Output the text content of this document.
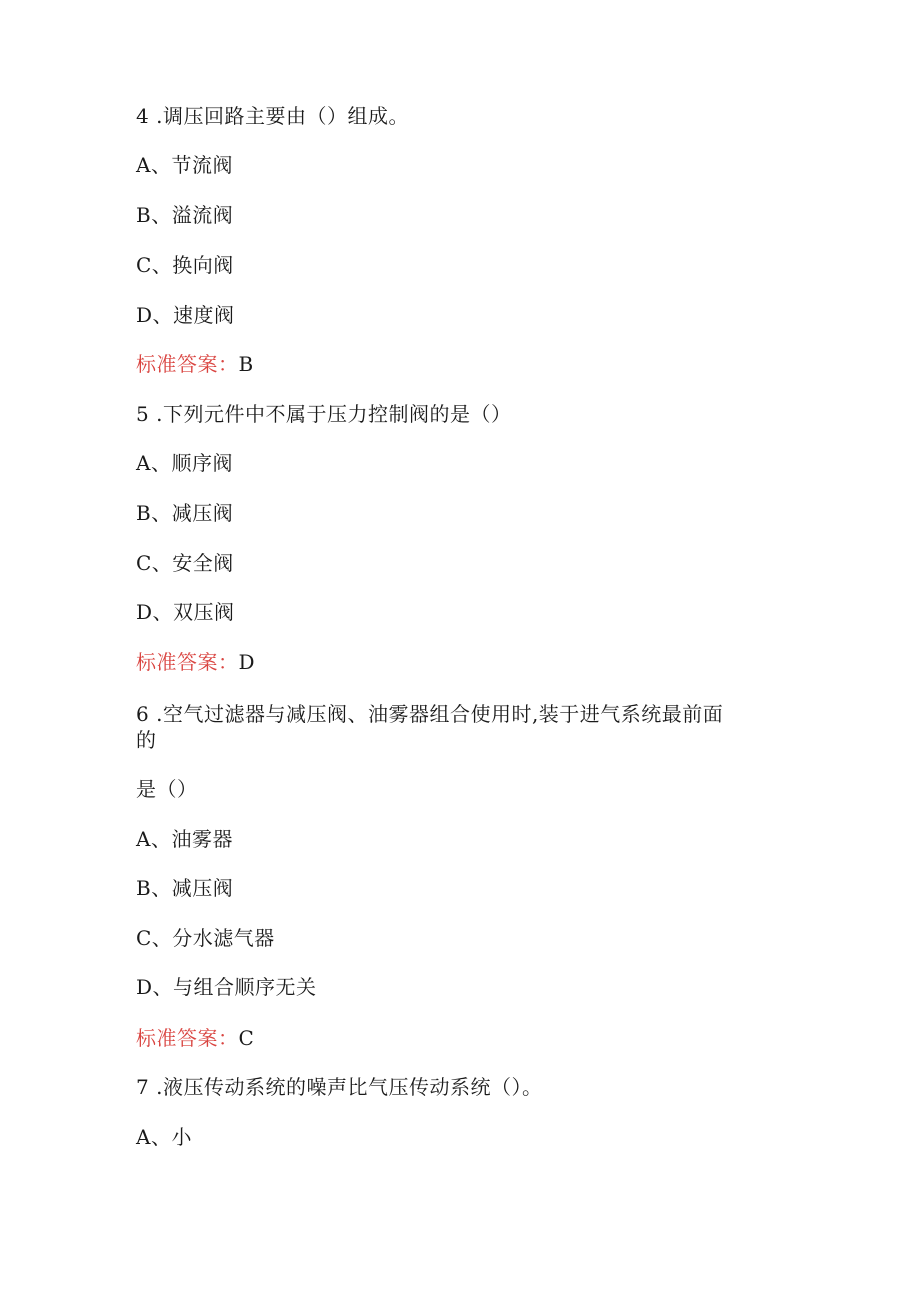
4 .调压回路主要由（）组成。
A、节流阀
B、溢流阀
C、换向阀
D、速度阀
标准答案：B
5 .下列元件中不属于压力控制阀的是（）
A、顺序阀
B、减压阀
C、安全阀
D、双压阀
标准答案：D
6 .空气过滤器与减压阀、油雾器组合使用时,装于进气系统最前面
的
是（）
A、油雾器
B、减压阀
C、分水滤气器
D、与组合顺序无关
标准答案：C
7 .液压传动系统的噪声比气压传动系统（）。
A、小
